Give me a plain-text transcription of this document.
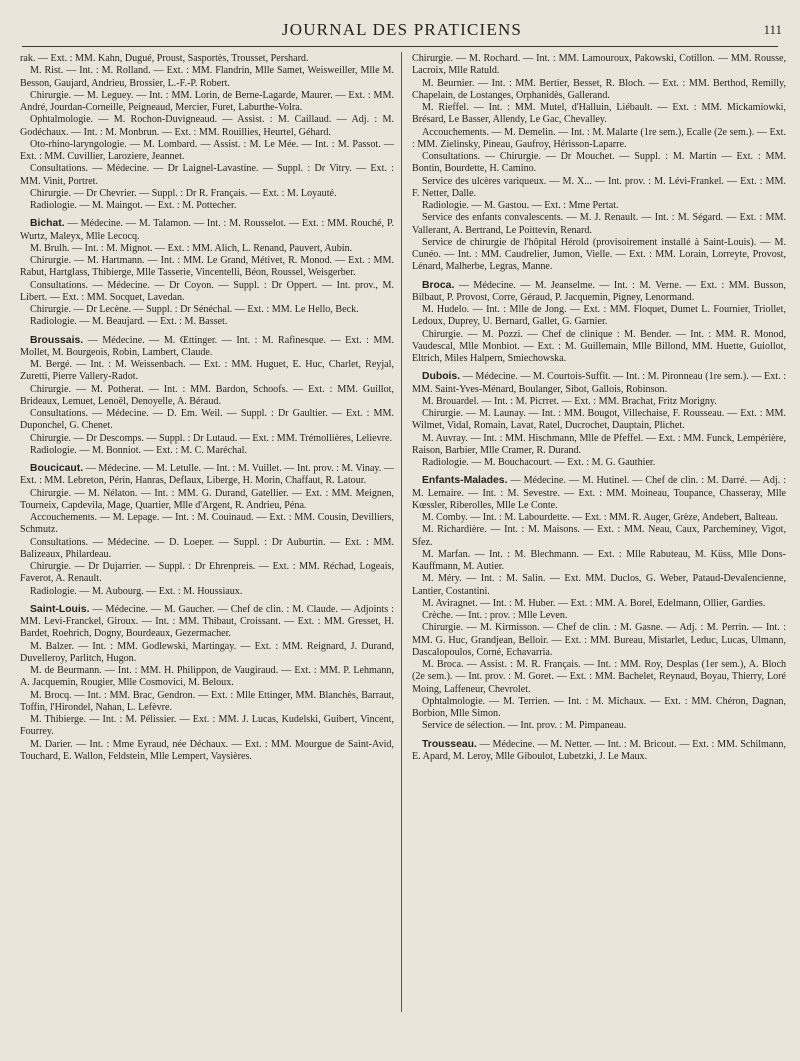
JOURNAL DES PRATICIENS	111

rak. — Ext. : MM. Kahn, Dugué, Proust, Sasportès, Trousset, Pershard.

M. Rist. — Int. : M. Rolland. — Ext. : MM. Flandrin, Mlle Samet, Weisweiller, Mlle M. Besson, Gaujard, Andrieu, Brossier, L.-F.-P. Robert.

Chirurgie. — M. Leguey. — Int. : MM. Lorin, de Berne-Lagarde, Maurer. — Ext. : MM. André, Jourdan-Corneille, Peigneaud, Mercier, Furet, Laburthe-Volra.

Ophtalmologie. — M. Rochon-Duvigneaud. — Assist. : M. Caillaud. — Adj. : M. Godéchaux. — Int. : M. Monbrun. — Ext. : MM. Rouillies, Heurtel, Géhard.

Oto-rhino-laryngologie. — M. Lombard. — Assist. : M. Le Mée. — Int. : M. Passot. — Ext. : MM. Cuvillier, Laroziere, Jeannet.

Consultations. — Médecine. — Dr Laignel-Lavastine. — Suppl. : Dr Vitry. — Ext. : MM. Vinit, Portret.

Chirurgie. — Dr Chevrier. — Suppl. : Dr R. Français. — Ext. : M. Loyauté.

Radiologie. — M. Maingot. — Ext. : M. Pottecher.

Bichat. — Médecine. — M. Talamon. — Int. : M. Rousselot. — Ext. : MM. Rouché, P. Wurtz, Maleyx, Mlle Lecocq.

M. Brulh. — Int. : M. Mignot. — Ext. : MM. Alich, L. Renand, Pauvert, Aubin.

Chirurgie. — M. Hartmann. — Int. : MM. Le Grand, Métivet, R. Monod. — Ext. : MM. Rabut, Hartglass, Thibierge, Mlle Tasserie, Vincentelli, Béon, Roussel, Weisgerber.

Consultations. — Médecine. — Dr Coyon. — Suppl. : Dr Oppert. — Int. prov., M. Libert. — Ext. : MM. Socquet, Lavedan.

Chirurgie. — Dr Lecène. — Suppl. : Dr Sénéchal. — Ext. : MM. Le Hello, Beck.

Radiologie. — M. Beaujard. — Ext. : M. Basset.

Broussais. — Médecine. — M. Œttinger. — Int. : M. Rafinesque. — Ext. : MM. Mollet, M. Bourgeois, Robin, Lambert, Claude.

M. Bergé. — Int. : M. Weissenbach. — Ext. : MM. Huguet, E. Huc, Charlet, Reyjal, Zuretti, Pierre Vallery-Radot.

Chirurgie. — M. Potherat. — Int. : MM. Bardon, Schoofs. — Ext. : MM. Guillot, Brideaux, Lemuet, Lenoël, Denoyelle, A. Béraud.

Consultations. — Médecine. — D. Em. Weil. — Suppl. : Dr Gaultier. — Ext. : MM. Duponchel, G. Chenet.

Chirurgie. — Dr Descomps. — Suppl. : Dr Lutaud. — Ext. : MM. Trémollières, Lelievre.

Radiologie. — M. Bonniot. — Ext. : M. C. Maréchal.

Boucicaut. — Médecine. — M. Letulle. — Int. : M. Vuillet. — Int. prov. : M. Vinay. — Ext. : MM. Lebreton, Périn, Hanras, Deflaux, Liberge, H. Morin, Chaffaut, R. Latour.

Chirurgie. — M. Nélaton. — Int. : MM. G. Durand, Gatellier. — Ext. : MM. Meignen, Tourneix, Capdevila, Mage, Quartier, Mlle d'Argent, R. Andrieu, Péna.

Accouchements. — M. Lepage. — Int. : M. Couinaud. — Ext. : MM. Cousin, Devilliers, Schmutz.

Consultations. — Médecine. — D. Loeper. — Suppl. : Dr Auburtin. — Ext. : MM. Balizeaux, Philardeau.

Chirurgie. — Dr Dujarrier. — Suppl. : Dr Ehrenpreis. — Ext. : MM. Réchad, Logeais, Faverot, A. Renault.

Radiologie. — M. Aubourg. — Ext. : M. Houssiaux.

Saint-Louis. — Médecine. — M. Gaucher. — Chef de clin. : M. Claude. — Adjoints : MM. Levi-Franckel, Giroux. — Int. : MM. Thibaut, Croissant. — Ext. : MM. Gresset, H. Bardet, Roehrich, Dogny, Bourdeaux, Gezermacher.

M. Balzer. — Int. : MM. Godlewski, Martingay. — Ext. : MM. Reignard, J. Durand, Duvelleroy, Parlitch, Hugon.

M. de Beurmann. — Int. : MM. H. Philippon, de Vaugiraud. — Ext. : MM. P. Lehmann, A. Jacquemin, Rougier, Mlle Cosmovici, M. Beloux.

M. Brocq. — Int. : MM. Brac, Gendron. — Ext. : Mlle Ettinger, MM. Blanchès, Barraut, Toffin, l'Hirondel, Nahan, L. Lefèvre.

M. Thibierge. — Int. : M. Pélissier. — Ext. : MM. J. Lucas, Kudelski, Guibert, Vincent, Fourrey.

M. Darier. — Int. : Mme Eyraud, née Déchaux. — Ext. : MM. Mourgue de Saint-Avid, Touchard, E. Wallon, Feldstein, Mlle Lempert, Vaysières.

Chirurgie. — M. Rochard. — Int. : MM. Lamouroux, Pakowski, Cotillon. — MM. Rousse, Lacroix, Mlle Ratuld.

M. Beurnier. — Int. : MM. Bertier, Besset, R. Bloch. — Ext. : MM. Berthod, Remilly, Chapelain, de Lostanges, Orphanidès, Gallerand.

M. Rieffel. — Int. : MM. Mutel, d'Halluin, Liébault. — Ext. : MM. Mickamiowki, Brésard, Le Basser, Allendy, Le Gac, Chevalley.

Accouchements. — M. Demelin. — Int. : M. Malarte (1re sem.), Ecalle (2e sem.). — Ext. : MM. Zielinsky, Pineau, Gaufroy, Hérisson-Laparre.

Consultations. — Chirurgie. — Dr Mouchet. — Suppl. : M. Martin — Ext. : MM. Bontin, Bourdette, H. Camino.

Service des ulcères variqueux. — M. X... — Int. prov. : M. Lévi-Frankel. — Ext. : MM. F. Netter, Dalle.

Radiologie. — M. Gastou. — Ext. : Mme Pertat.

Service des enfants convalescents. — M. J. Renault. — Int. : M. Ségard. — Ext. : MM. Vallerant, A. Bertrand, Le Poittevin, Renard.

Service de chirurgie de l'hôpital Hérold (provisoirement installé à Saint-Louis). — M. Cunéo. — Int. : MM. Caudrelier, Jumon, Vielle. — Ext. : MM. Lorain, Lorreyte, Provost, Lénard, Malherbe, Legras, Manne.

Broca. — Médecine. — M. Jeanselme. — Int. : M. Verne. — Ext. : MM. Busson, Bilbaut, P. Provost, Corre, Géraud, P. Jacquemin, Pigney, Lenormand.

M. Hudelo. — Int. : Mlle de Jong. — Ext. : MM. Floquet, Dumet L. Fournier, Triollet, Ledoux, Duprey, U. Bernard, Gallet, G. Garnier.

Chirurgie. — M. Pozzi. — Chef de clinique : M. Bender. — Int. : MM. R. Monod, Vaudescal, Mlle Monbiot. — Ext. : M. Guillemain, Mlle Billond, MM. Huette, Guiollot, Eltrich, Miles Halpern, Smiechowska.

Dubois. — Médecine. — M. Courtois-Suffit. — Int. : M. Pironneau (1re sem.). — Ext. : MM. Saint-Yves-Ménard, Boulanger, Sibot, Gallois, Robinson.

M. Brouardel. — Int. : M. Picrret. — Ext. : MM. Brachat, Fritz Morigny.

Chirurgie. — M. Launay. — Int. : MM. Bougot, Villechaise, F. Rousseau. — Ext. : MM. Wilmet, Vidal, Romain, Lavat, Ratel, Ducrochet, Dauptain, Plichet.

M. Auvray. — Int. : MM. Hischmann, Mlle de Pfeffel. — Ext. : MM. Funck, Lempérière, Raison, Barbier, Mlle Cramer, R. Durand.

Radiologie. — M. Bouchacourt. — Ext. : M. G. Gauthier.

Enfants-Malades. — Médecine. — M. Hutinel. — Chef de clin. : M. Darré. — Adj. : M. Lemaire. — Int. : M. Sevestre. — Ext. : MM. Moineau, Toupance, Chasseray, Mlle Kœssler, Riberolles, Mlle Le Conte.

M. Comby. — Int. : M. Labourdette. — Ext. : MM. R. Auger, Grèze, Andebert, Balteau.

M. Richardière. — Int. : M. Maisons. — Ext. : MM. Neau, Caux, Parcheminey, Vigot, Sfez.

M. Marfan. — Int. : M. Blechmann. — Ext. : Mlle Rabuteau, M. Küss, Mlle Dons-Kauffmann, M. Autier.

M. Méry. — Int. : M. Salin. — Ext. MM. Duclos, G. Weber, Pataud-Devalencienne, Lantier, Costantini.

M. Aviragnet. — Int. : M. Huber. — Ext. : MM. A. Borel, Edelmann, Ollier, Gardies.

Crèche. — Int. : prov. : Mlle Leven.

Chirurgie. — M. Kirmisson. — Chef de clin. : M. Gasne. — Adj. : M. Perrin. — Int. : MM. G. Huc, Grandjean, Belloir. — Ext. : MM. Bureau, Mistarlet, Leduc, Lucas, Ulmann, Dascalopoulos, Corné, Echavarria.

M. Broca. — Assist. : M. R. Français. — Int. : MM. Roy, Desplas (1er sem.), A. Bloch (2e sem.). — Int. prov. : M. Goret. — Ext. : MM. Bachelet, Reynaud, Boyau, Thierry, Loré Moing, Laffeneur, Chevrolet.

Ophtalmologie. — M. Terrien. — Int. : M. Michaux. — Ext. : MM. Chéron, Dagnan, Borbion, Mlle Simon.

Service de sélection. — Int. prov. : M. Pimpaneau.

Trousseau. — Médecine. — M. Netter. — Int. : M. Bricout. — Ext. : MM. Schilmann, E. Apard, M. Leroy, Mlle Giboulot, Lubetzki, J. Le Maux.
